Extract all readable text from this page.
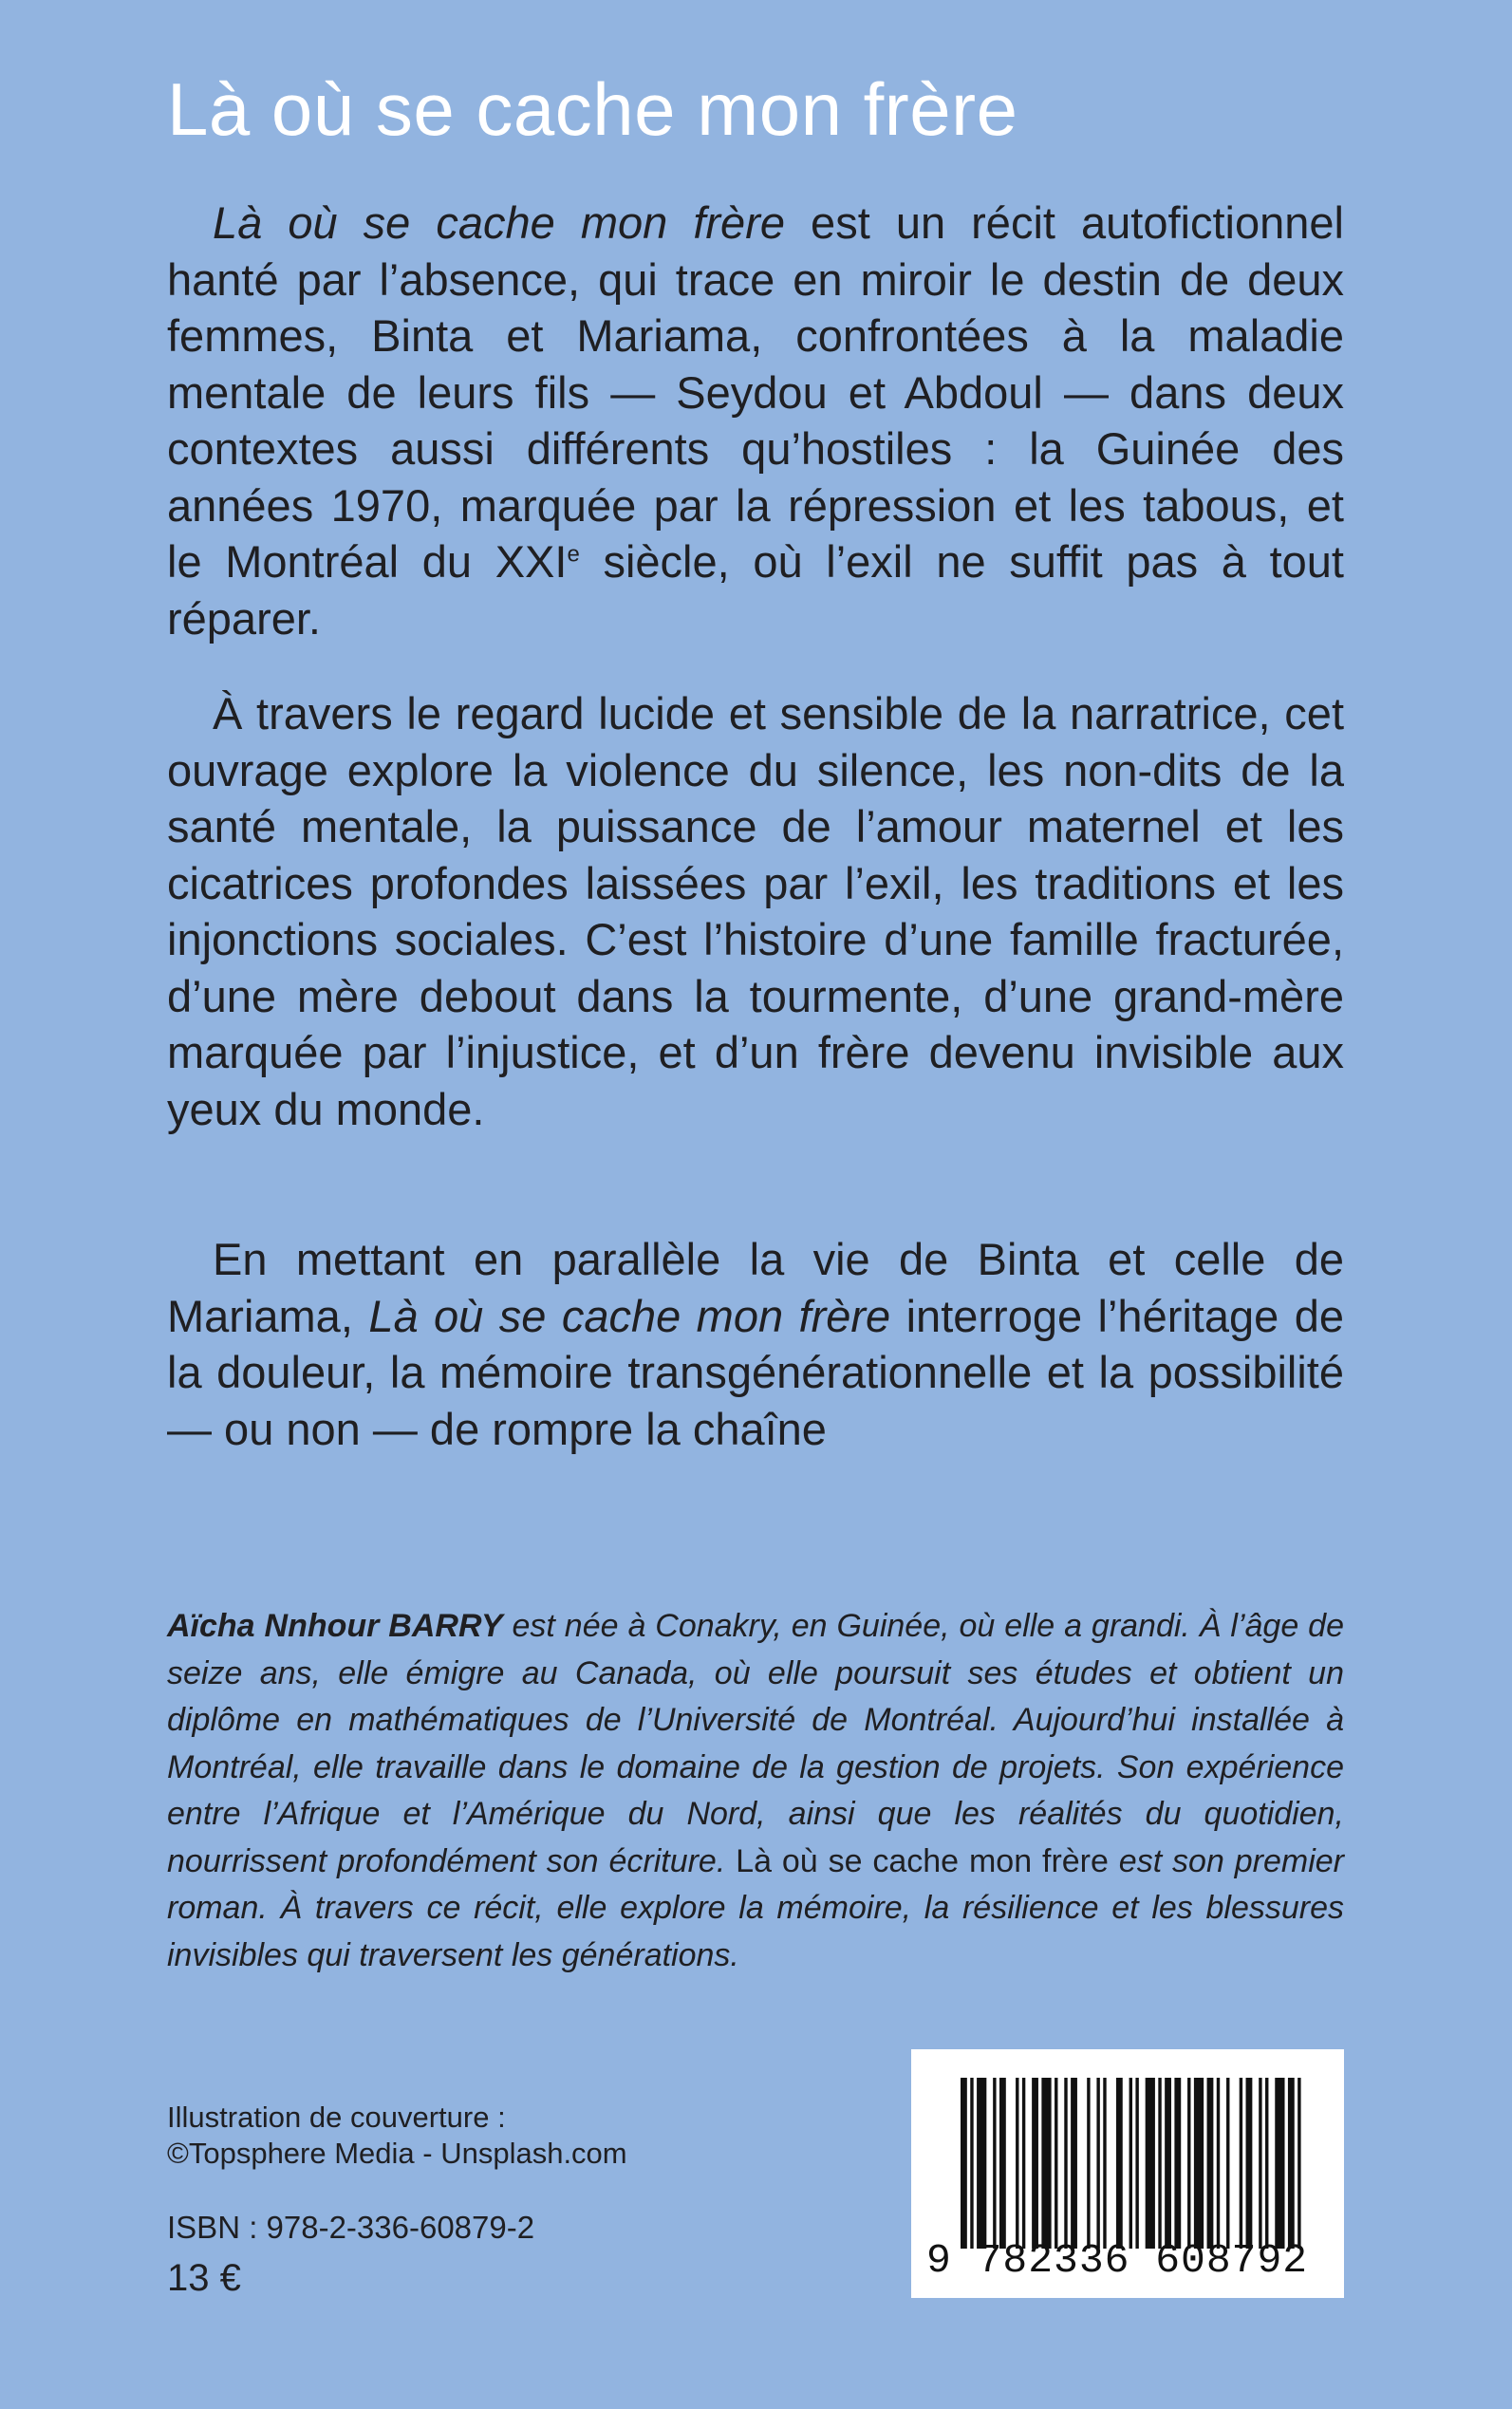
Là où se cache mon frère

Là où se cache mon frère est un récit autofictionnel hanté par l’absence, qui trace en miroir le destin de deux femmes, Binta et Mariama, confrontées à la maladie mentale de leurs fils — Seydou et Abdoul — dans deux contextes aussi différents qu’hostiles : la Guinée des années 1970, marquée par la répression et les tabous, et le Montréal du XXIe siècle, où l’exil ne suffit pas à tout réparer.

À travers le regard lucide et sensible de la narratrice, cet ouvrage explore la violence du silence, les non-dits de la santé mentale, la puissance de l’amour maternel et les cicatrices profondes laissées par l’exil, les traditions et les injonctions sociales. C’est l’histoire d’une famille fracturée, d’une mère debout dans la tourmente, d’une grand-mère marquée par l’injustice, et d’un frère devenu invisible aux yeux du monde.

En mettant en parallèle la vie de Binta et celle de Mariama, Là où se cache mon frère interroge l’héritage de la douleur, la mémoire transgénérationnelle et la possibilité — ou non — de rompre la chaîne

Aïcha Nnhour BARRY est née à Conakry, en Guinée, où elle a grandi. À l’âge de seize ans, elle émigre au Canada, où elle poursuit ses études et obtient un diplôme en mathématiques de l’Université de Montréal. Aujourd’hui installée à Montréal, elle travaille dans le domaine de la gestion de projets. Son expérience entre l’Afrique et l’Amérique du Nord, ainsi que les réalités du quotidien, nourrissent profondément son écriture. Là où se cache mon frère est son premier roman. À travers ce récit, elle explore la mémoire, la résilience et les blessures invisibles qui traversent les générations.

Illustration de couverture :
©Topsphere Media - Unsplash.com
ISBN : 978-2-336-60879-2
13 €	9 782336 608792
